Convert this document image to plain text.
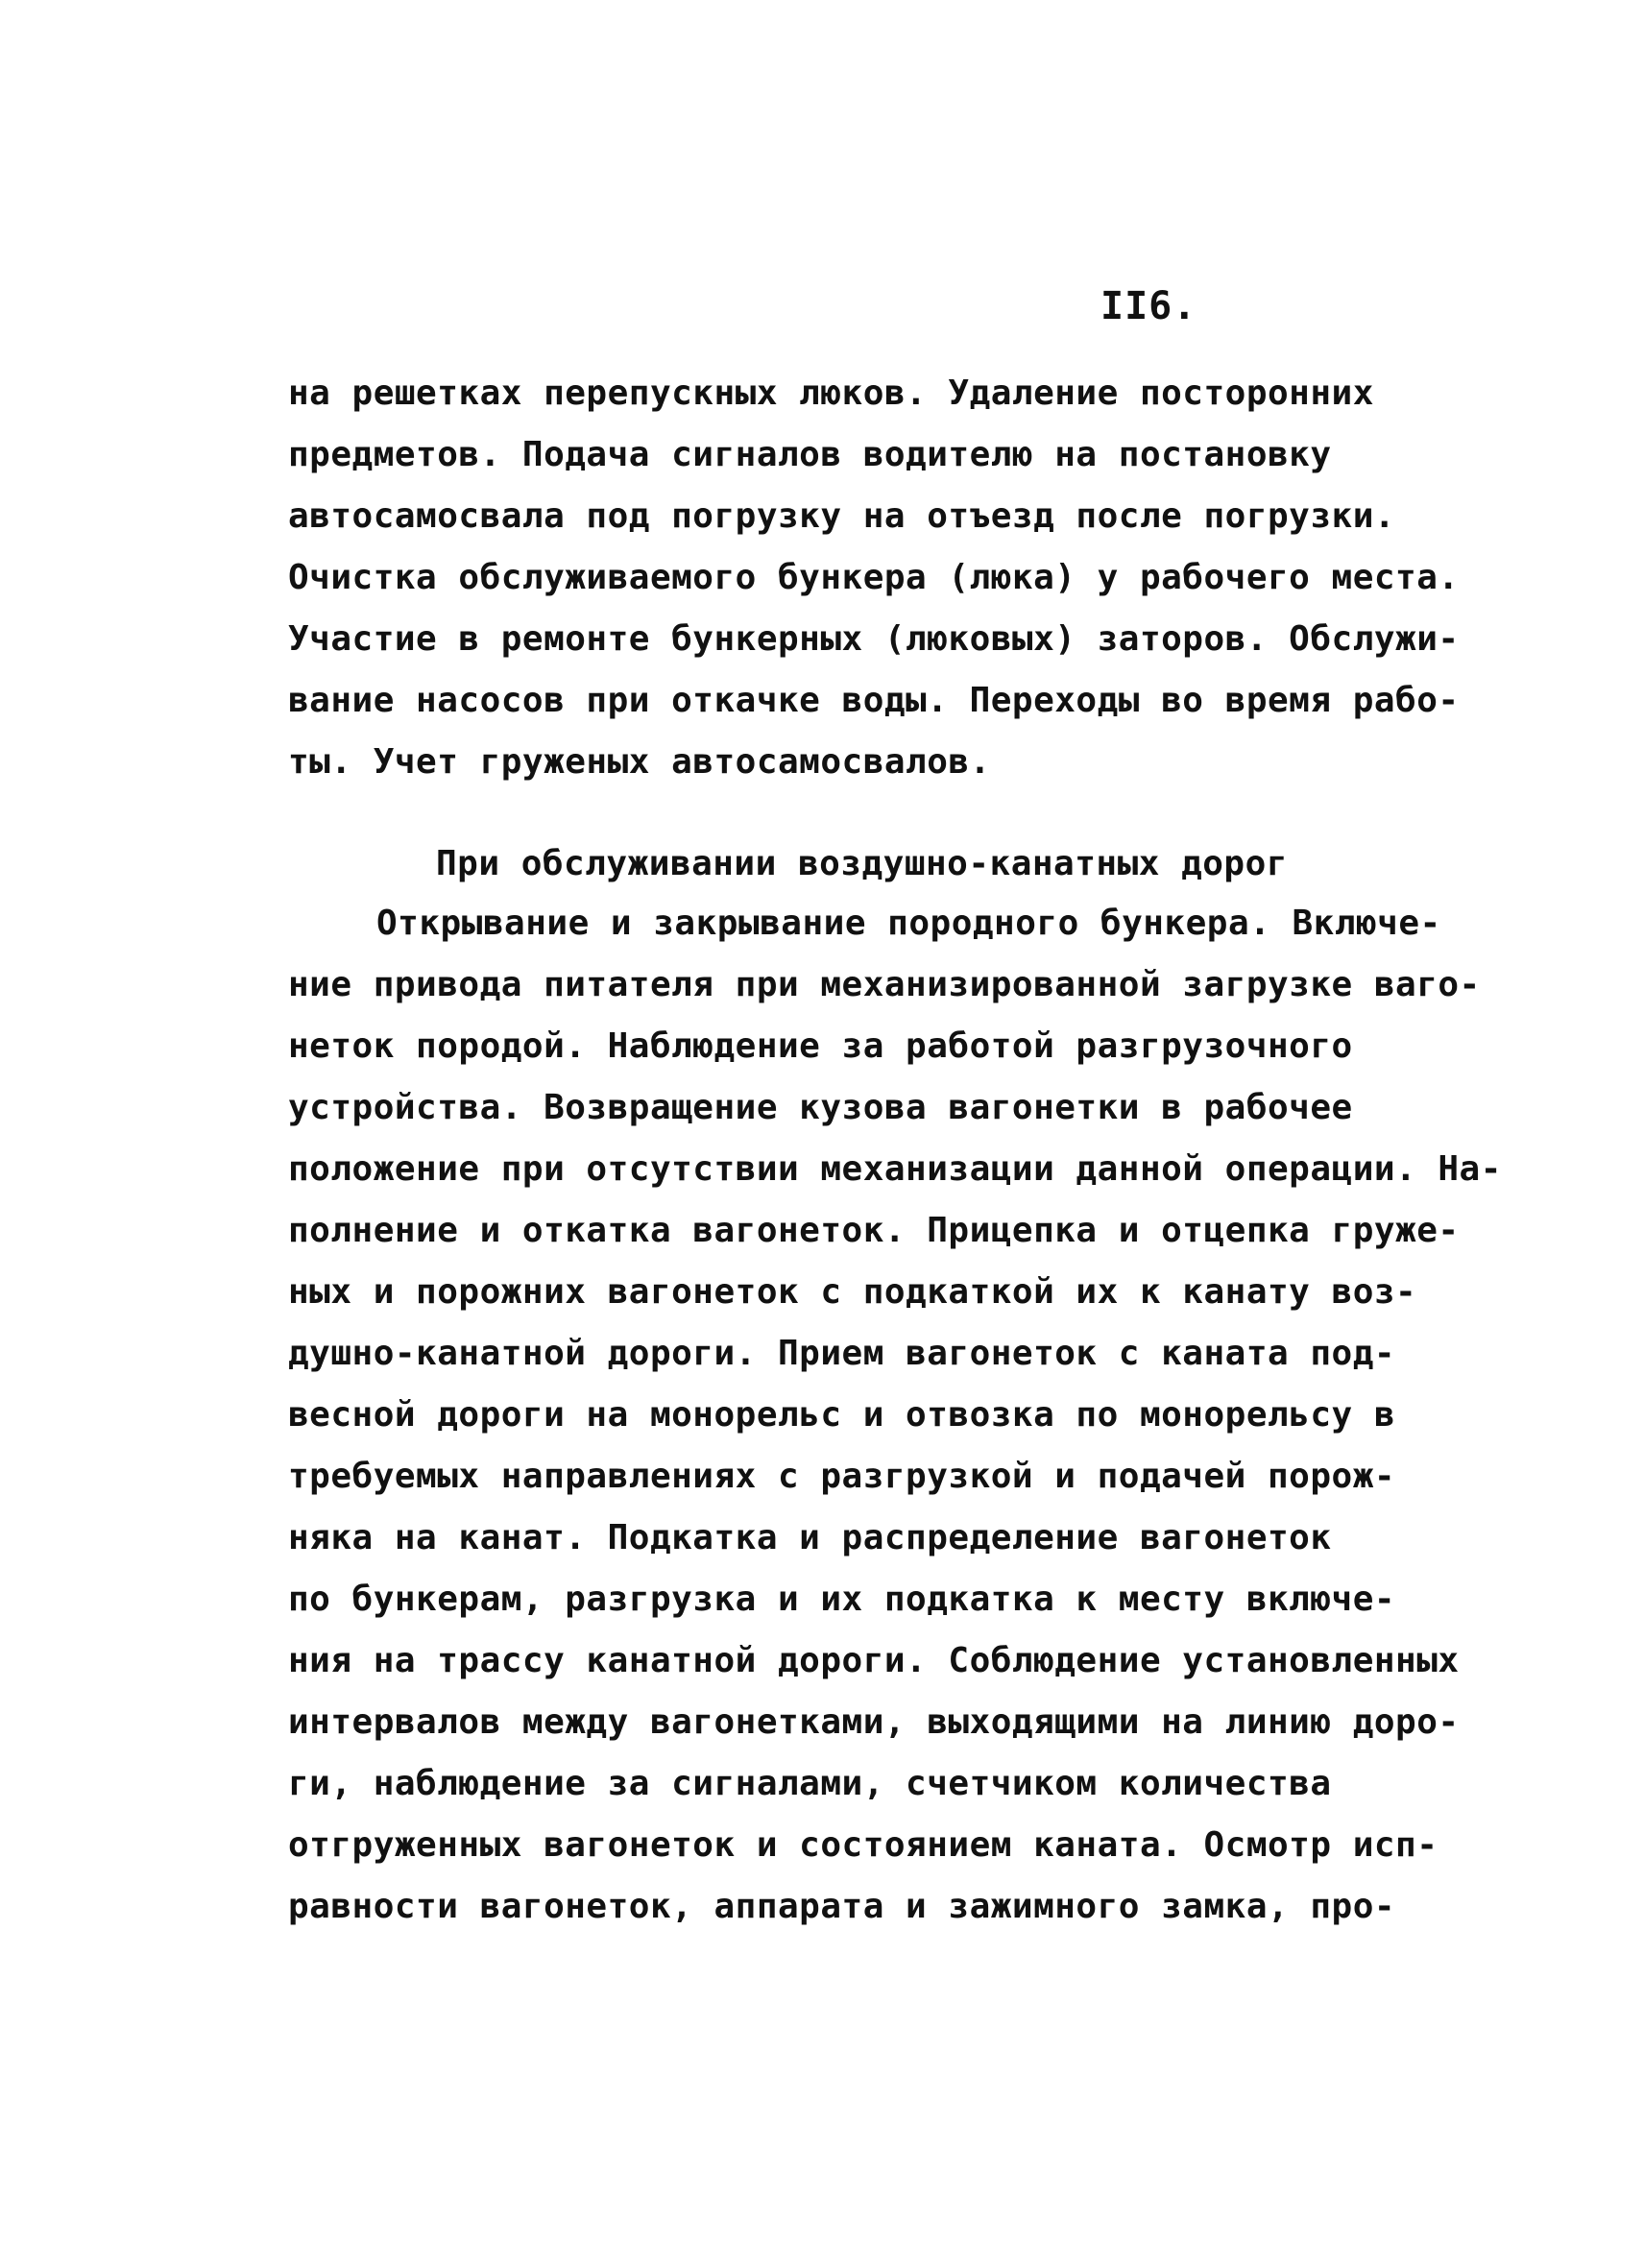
II6.
на решетках перепускных люков. Удаление посторонних
предметов. Подача сигналов водителю на постановку
автосамосвала под погрузку на отъезд после погрузки.
Очистка обслуживаемого бункера (люка) у рабочего места.
Участие в ремонте бункерных (люковых) заторов. Обслужи-
вание насосов при откачке воды. Переходы во время рабо-
ты. Учет груженых автосамосвалов.
При обслуживании воздушно-канатных дорог
Открывание и закрывание породного бункера. Включе-
ние привода питателя при механизированной загрузке ваго-
неток породой. Наблюдение за работой разгрузочного
устройства. Возвращение кузова вагонетки в рабочее
положение при отсутствии механизации данной операции. На-
полнение и откатка вагонеток. Прицепка и отцепка груже-
ных и порожних вагонеток с подкаткой их к канату воз-
душно-канатной дороги. Прием вагонеток с каната под-
весной дороги на монорельс и отвозка по монорельсу в
требуемых направлениях с разгрузкой и подачей порож-
няка на канат. Подкатка и распределение вагонеток
по бункерам, разгрузка и их подкатка к месту включе-
ния на трассу канатной дороги. Соблюдение установленных
интервалов между вагонетками, выходящими на линию доро-
ги, наблюдение за сигналами, счетчиком количества
отгруженных вагонеток и состоянием каната. Осмотр исп-
равности вагонеток, аппарата и зажимного замка, про-
